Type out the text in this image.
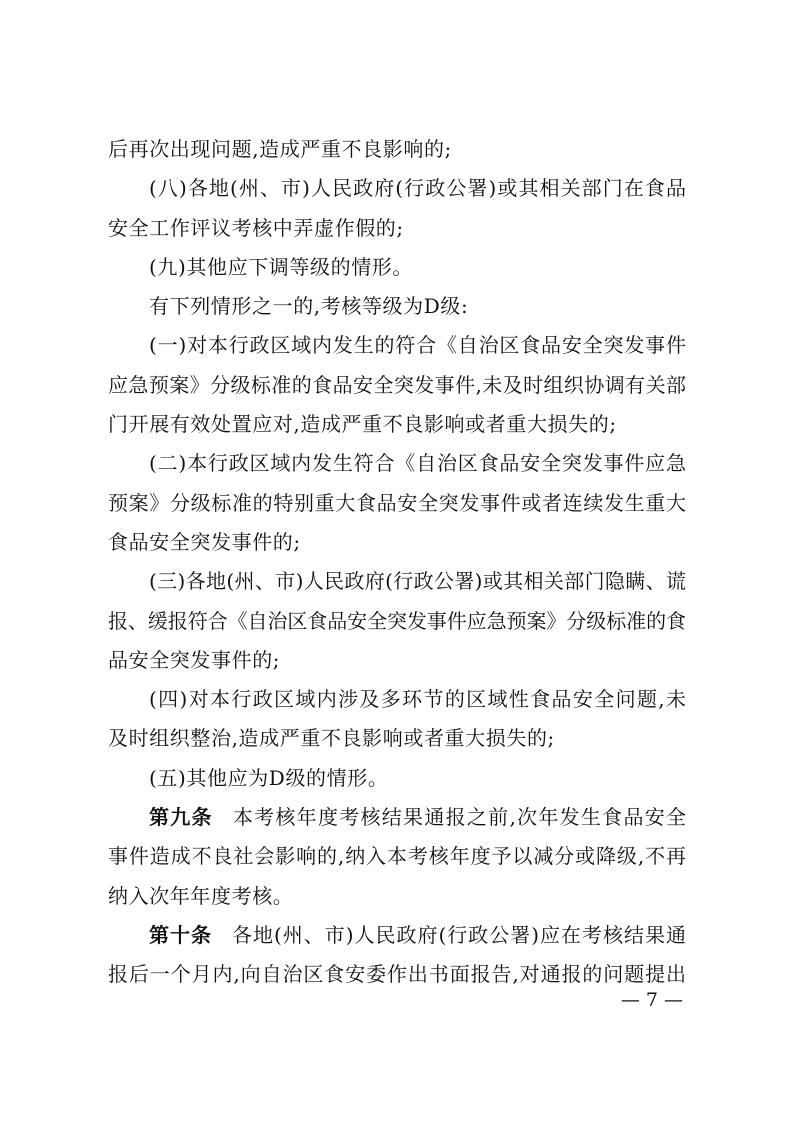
后再次出现问题,造成严重不良影响的;
(八)各地(州、市)人民政府(行政公署)或其相关部门在食品
安全工作评议考核中弄虚作假的;
(九)其他应下调等级的情形。
有下列情形之一的,考核等级为D级:
(一)对本行政区域内发生的符合《自治区食品安全突发事件
应急预案》分级标准的食品安全突发事件,未及时组织协调有关部
门开展有效处置应对,造成严重不良影响或者重大损失的;
(二)本行政区域内发生符合《自治区食品安全突发事件应急
预案》分级标准的特别重大食品安全突发事件或者连续发生重大
食品安全突发事件的;
(三)各地(州、市)人民政府(行政公署)或其相关部门隐瞒、谎
报、缓报符合《自治区食品安全突发事件应急预案》分级标准的食
品安全突发事件的;
(四)对本行政区域内涉及多环节的区域性食品安全问题,未
及时组织整治,造成严重不良影响或者重大损失的;
(五)其他应为D级的情形。
第九条 本考核年度考核结果通报之前,次年发生食品安全
事件造成不良社会影响的,纳入本考核年度予以减分或降级,不再
纳入次年年度考核。
第十条 各地(州、市)人民政府(行政公署)应在考核结果通
报后一个月内,向自治区食安委作出书面报告,对通报的问题提出
— 7 —
